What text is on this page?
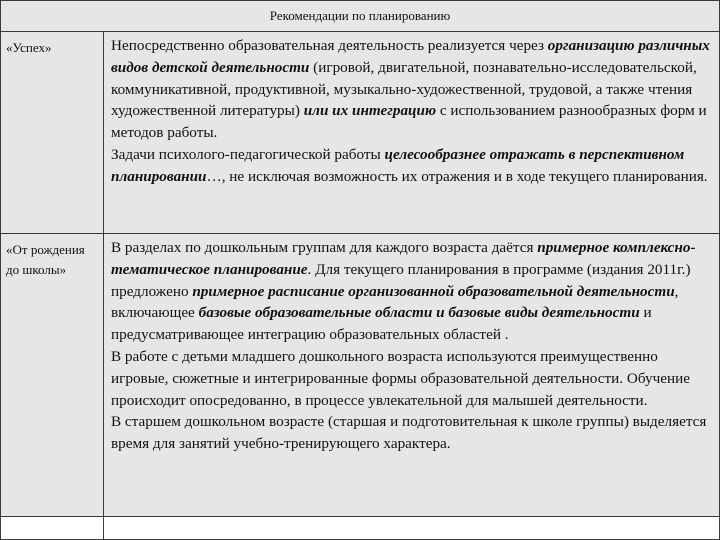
Рекомендации по планированию
«Успех»	Непосредственно образовательная деятельность реализуется через организацию различных видов детской деятельности (игровой, двигательной, познавательно-исследовательской, коммуникативной, продуктивной, музыкально-художественной, трудовой, а также чтения художественной литературы) или их интеграцию с использованием разнообразных форм и методов работы.

Задачи психолого-педагогической работы целесообразнее отражать в перспективном планировании…, не исключая возможность их отражения и в ходе текущего планирования.

«От рождения до школы»

В разделах по дошкольным группам для каждого возраста даётся примерное комплексно-тематическое планирование. Для текущего планирования в программе (издания 2011г.) предложено примерное расписание организованной образовательной деятельности, включающее базовые образовательные области и базовые виды деятельности и предусматривающее интеграцию образовательных областей .

В работе с детьми младшего дошкольного возраста используются преимущественно игровые, сюжетные и интегрированные формы образовательной деятельности. Обучение происходит опосредованно, в процессе увлекательной для малышей деятельности.

В старшем дошкольном возрасте (старшая и подготовительная к школе группы) выделяется время для занятий учебно-тренирующего характера.
